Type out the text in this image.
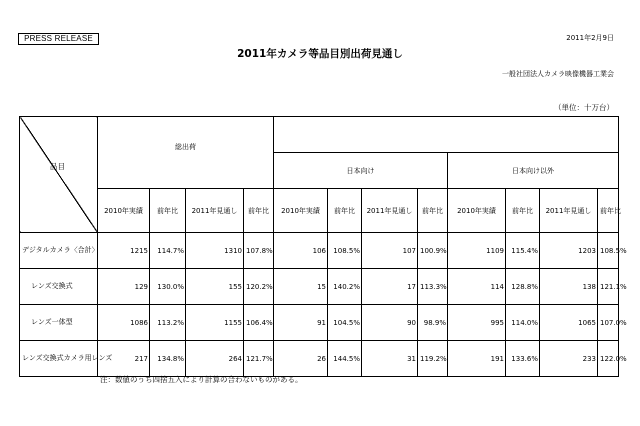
PRESS RELEASE	2011年2月9日
2011年カメラ等品目別出荷見通し
一般社団法人カメラ映像機器工業会
（単位：十万台）
品目	総出荷											
					日本向け				日本向け以外			
	2010年実績	前年比	2011年見通し	前年比	2010年実績	前年比	2011年見通し	前年比	2010年実績	前年比	2011年見通し	前年比
デジタルカメラ〈合計〉	1215	114.7%	1310	107.8%	106	108.5%	107	100.9%	1109	115.4%	1203	108.5%
レンズ交換式	129	130.0%	155	120.2%	15	140.2%	17	113.3%	114	128.8%	138	121.1%
レンズ一体型	1086	113.2%	1155	106.4%	91	104.5%	90	98.9%	995	114.0%	1065	107.0%
レンズ交換式カメラ用レンズ	217	134.8%	264	121.7%	26	144.5%	31	119.2%	191	133.6%	233	122.0%
注：数値のうち四捨五入により計算の合わないものがある。
